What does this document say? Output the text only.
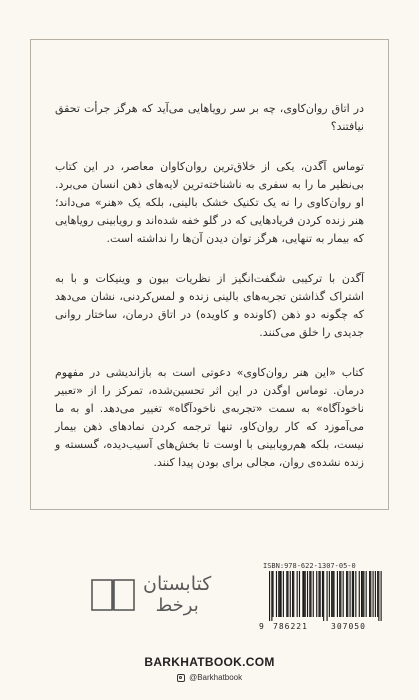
در اتاق روان‌کاوی، چه بر سر رویاهایی می‌آید که هرگز جرأت تحقق نیافتند؟

توماس آگدن، یکی از خلاق‌ترین روان‌کاوان معاصر، در این کتاب بی‌نظیر ما را به سفری به ناشناخته‌ترین لایه‌های ذهن انسان می‌برد. او روان‌کاوی را نه یک تکنیک خشک بالینی، بلکه یک «هنر» می‌داند؛ هنر زنده کردن فریادهایی که در گلو خفه شده‌اند و رویابینی رویاهایی که بیمار به تنهایی، هرگز توان دیدن آن‌ها را نداشته است.

آگدن با ترکیبی شگفت‌انگیز از نظریات بیون و وینیکات و با به اشتراک گذاشتن تجربه‌های بالینی زنده و لمس‌کردنی، نشان می‌دهد که چگونه دو ذهن (کاونده و کاویده) در اتاق درمان، ساختار روانی جدیدی را خلق می‌کنند.

کتاب «این هنر روان‌کاوی» دعوتی است به بازاندیشی در مفهوم درمان. توماس اوگدن در این اثر تحسین‌شده، تمرکز را از «تعبیر ناخودآگاه» به سمت «تجربه‌ی ناخودآگاه» تغییر می‌دهد. او به ما می‌آموزد که کار روان‌کاو، تنها ترجمه کردن نمادهای ذهن بیمار نیست، بلکه هم‌رویابینی با اوست تا بخش‌های آسیب‌دیده، گسسته و زنده نشده‌ی روان، مجالی برای بودن پیدا کنند.

کتابستان
برخط
ISBN:978-622-1307-05-0
9 786221	307050
BARKHATBOOK.COM
@Barkhatbook
